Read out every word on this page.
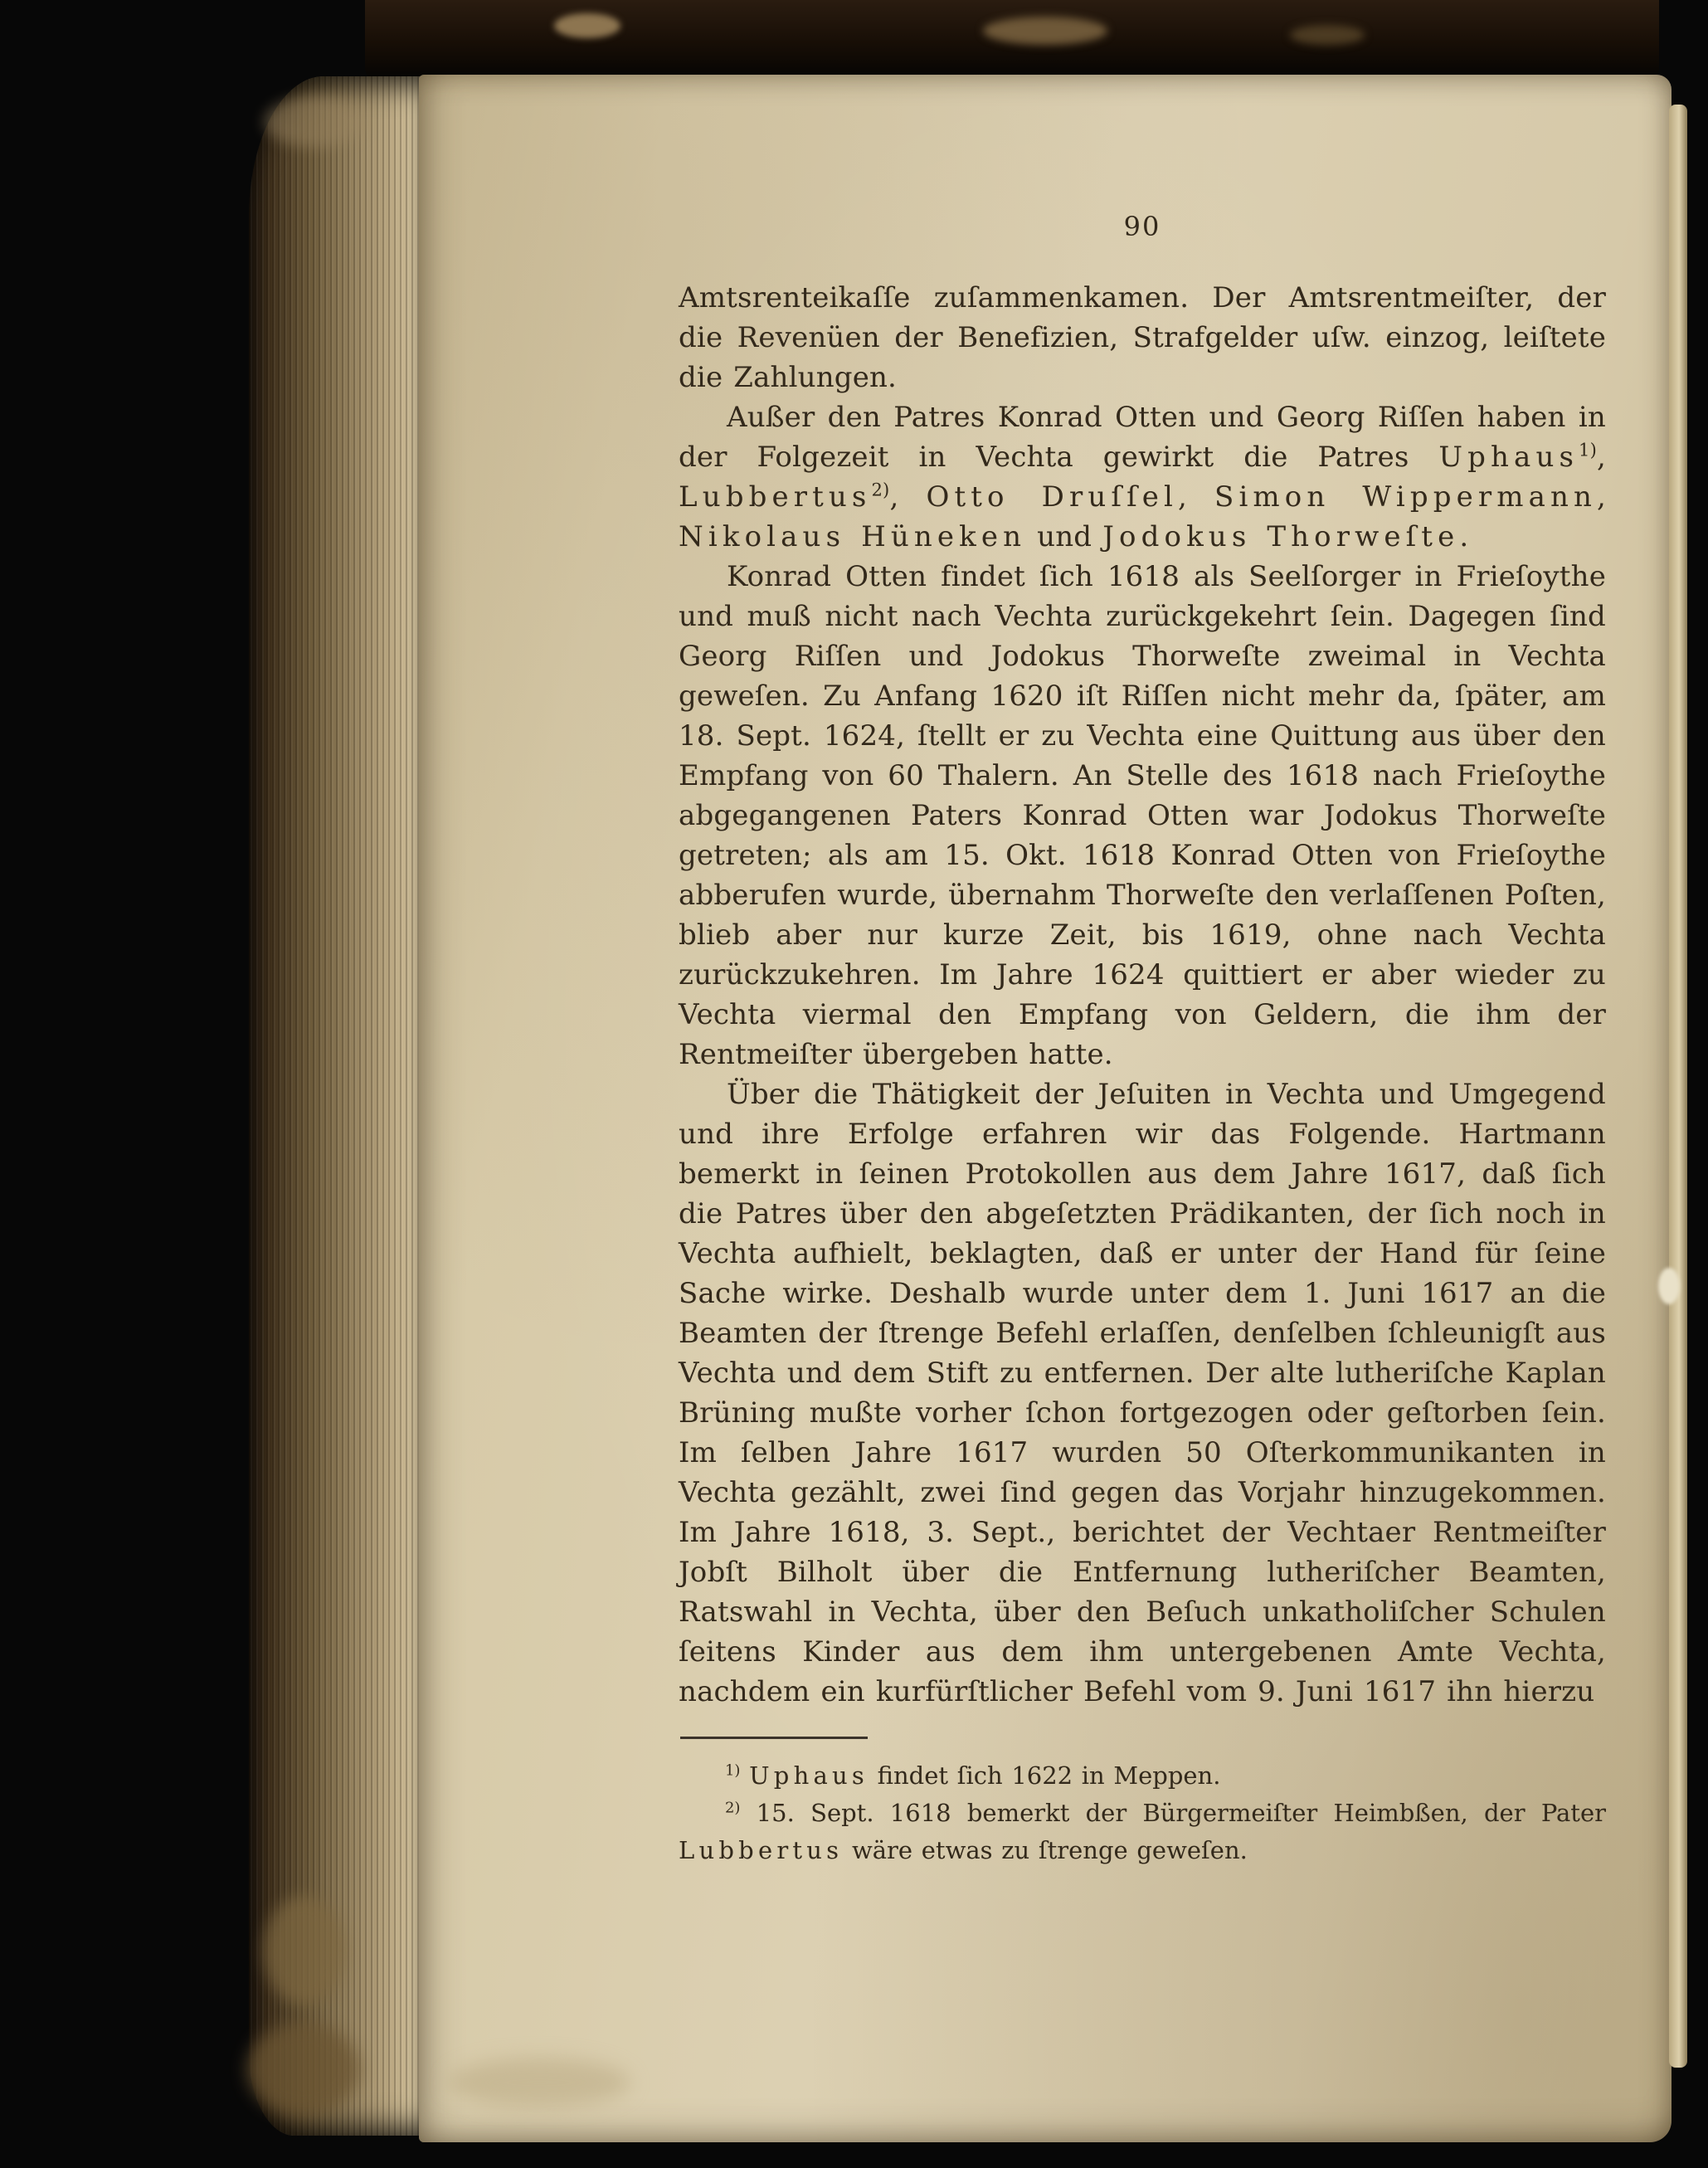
90

Amtsrenteikaſſe zuſammenkamen. Der Amtsrentmeiſter, der die Revenüen der Benefizien, Strafgelder uſw. einzog, leiſtete die Zahlungen.

Außer den Patres Konrad Otten und Georg Riſſen haben in der Folgezeit in Vechta gewirkt die Patres Uphaus$^{1)}$, Lubbertus$^{2)}$, Otto Druſſel, Simon Wippermann, Nikolaus Hüneken und Jodokus Thorweſte.

Konrad Otten findet ſich 1618 als Seelſorger in Frieſoythe und muß nicht nach Vechta zurückgekehrt ſein. Dagegen ſind Georg Riſſen und Jodokus Thorweſte zweimal in Vechta geweſen. Zu Anfang 1620 iſt Riſſen nicht mehr da, ſpäter, am 18. Sept. 1624, ſtellt er zu Vechta eine Quittung aus über den Empfang von 60 Thalern. An Stelle des 1618 nach Frieſoythe abgegangenen Paters Konrad Otten war Jodokus Thorweſte getreten; als am 15. Okt. 1618 Konrad Otten von Frieſoythe abberufen wurde, übernahm Thorweſte den verlaſſenen Poſten, blieb aber nur kurze Zeit, bis 1619, ohne nach Vechta zurückzukehren. Im Jahre 1624 quittiert er aber wieder zu Vechta viermal den Empfang von Geldern, die ihm der Rentmeiſter übergeben hatte.

Über die Thätigkeit der Jeſuiten in Vechta und Umgegend und ihre Erfolge erfahren wir das Folgende. Hartmann bemerkt in ſeinen Protokollen aus dem Jahre 1617, daß ſich die Patres über den abgeſetzten Prädikanten, der ſich noch in Vechta aufhielt, beklagten, daß er unter der Hand für ſeine Sache wirke. Deshalb wurde unter dem 1. Juni 1617 an die Beamten der ſtrenge Befehl erlaſſen, denſelben ſchleunigſt aus Vechta und dem Stift zu entfernen. Der alte lutheriſche Kaplan Brüning mußte vorher ſchon fortgezogen oder geſtorben ſein. Im ſelben Jahre 1617 wurden 50 Oſterkommunikanten in Vechta gezählt, zwei ſind gegen das Vorjahr hinzugekommen. Im Jahre 1618, 3. Sept., berichtet der Vechtaer Rentmeiſter Jobſt Bilholt über die Entfernung lutheriſcher Beamten, Ratswahl in Vechta, über den Beſuch unkatholiſcher Schulen ſeitens Kinder aus dem ihm untergebenen Amte Vechta, nachdem ein kurfürſtlicher Befehl vom 9. Juni 1617 ihn hierzu

$^{1)}$ Uphaus findet ſich 1622 in Meppen.

$^{2)}$ 15. Sept. 1618 bemerkt der Bürgermeiſter Heimbßen, der Pater Lubbertus wäre etwas zu ſtrenge geweſen.
